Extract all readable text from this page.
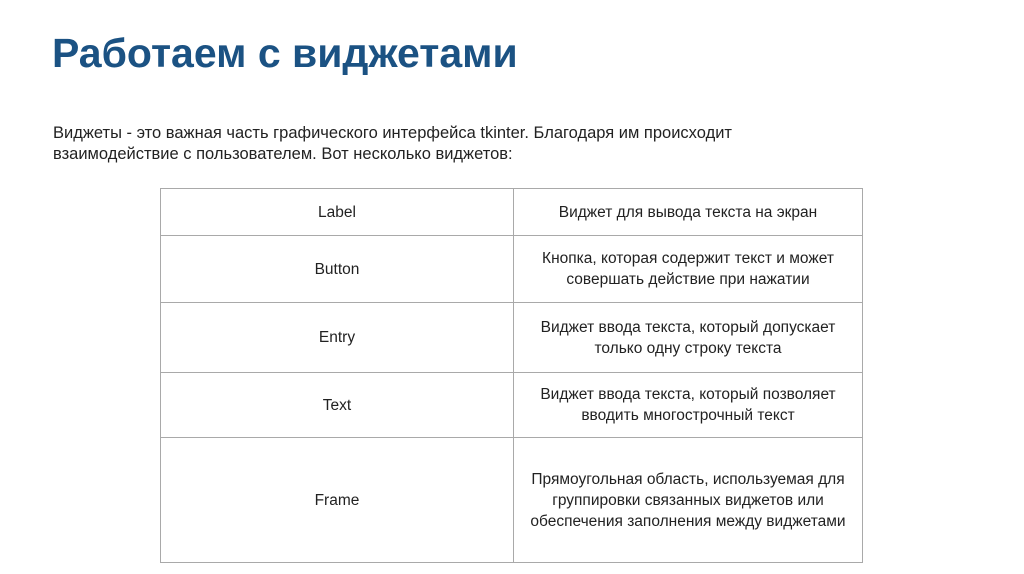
Работаем с виджетами

Виджеты - это важная часть графического интерфейса tkinter. Благодаря им происходит взаимодействие с пользователем. Вот несколько виджетов:

Label	Виджет для вывода текста на экран

Button	Кнопка, которая содержит текст и может совершать действие при нажатии

Entry	Виджет ввода текста, который допускает только одну строку текста

Text	Виджет ввода текста, который позволяет вводить многострочный текст

Frame	Прямоугольная область, используемая для группировки связанных виджетов или обеспечения заполнения между виджетами
